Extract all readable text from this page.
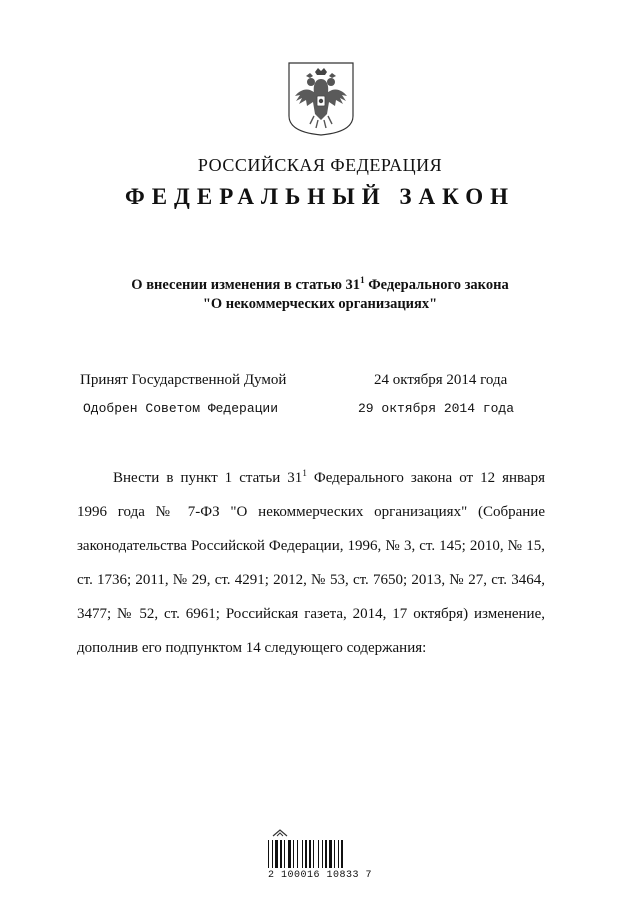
РОССИЙСКАЯ ФЕДЕРАЦИЯ
ФЕДЕРАЛЬНЫЙ ЗАКОН
О внесении изменения в статью $31^1$ Федерального закона
"О некоммерческих организациях"
Принят Государственной Думой	24 октября 2014 года
Одобрен Советом Федерации	29 октября 2014 года

Внести в пункт 1 статьи $31^1$ Федерального закона от 12 января 1996 года № 7-ФЗ "О некоммерческих организациях" (Собрание законодательства Российской Федерации, 1996, № 3, ст. 145; 2010, № 15, ст. 1736; 2011, № 29, ст. 4291; 2012, № 53, ст. 7650; 2013, № 27, ст. 3464, 3477; № 52, ст. 6961; Российская газета, 2014, 17 октября) изменение, дополнив его подпунктом 14 следующего содержания:

2 100016 10833 7
